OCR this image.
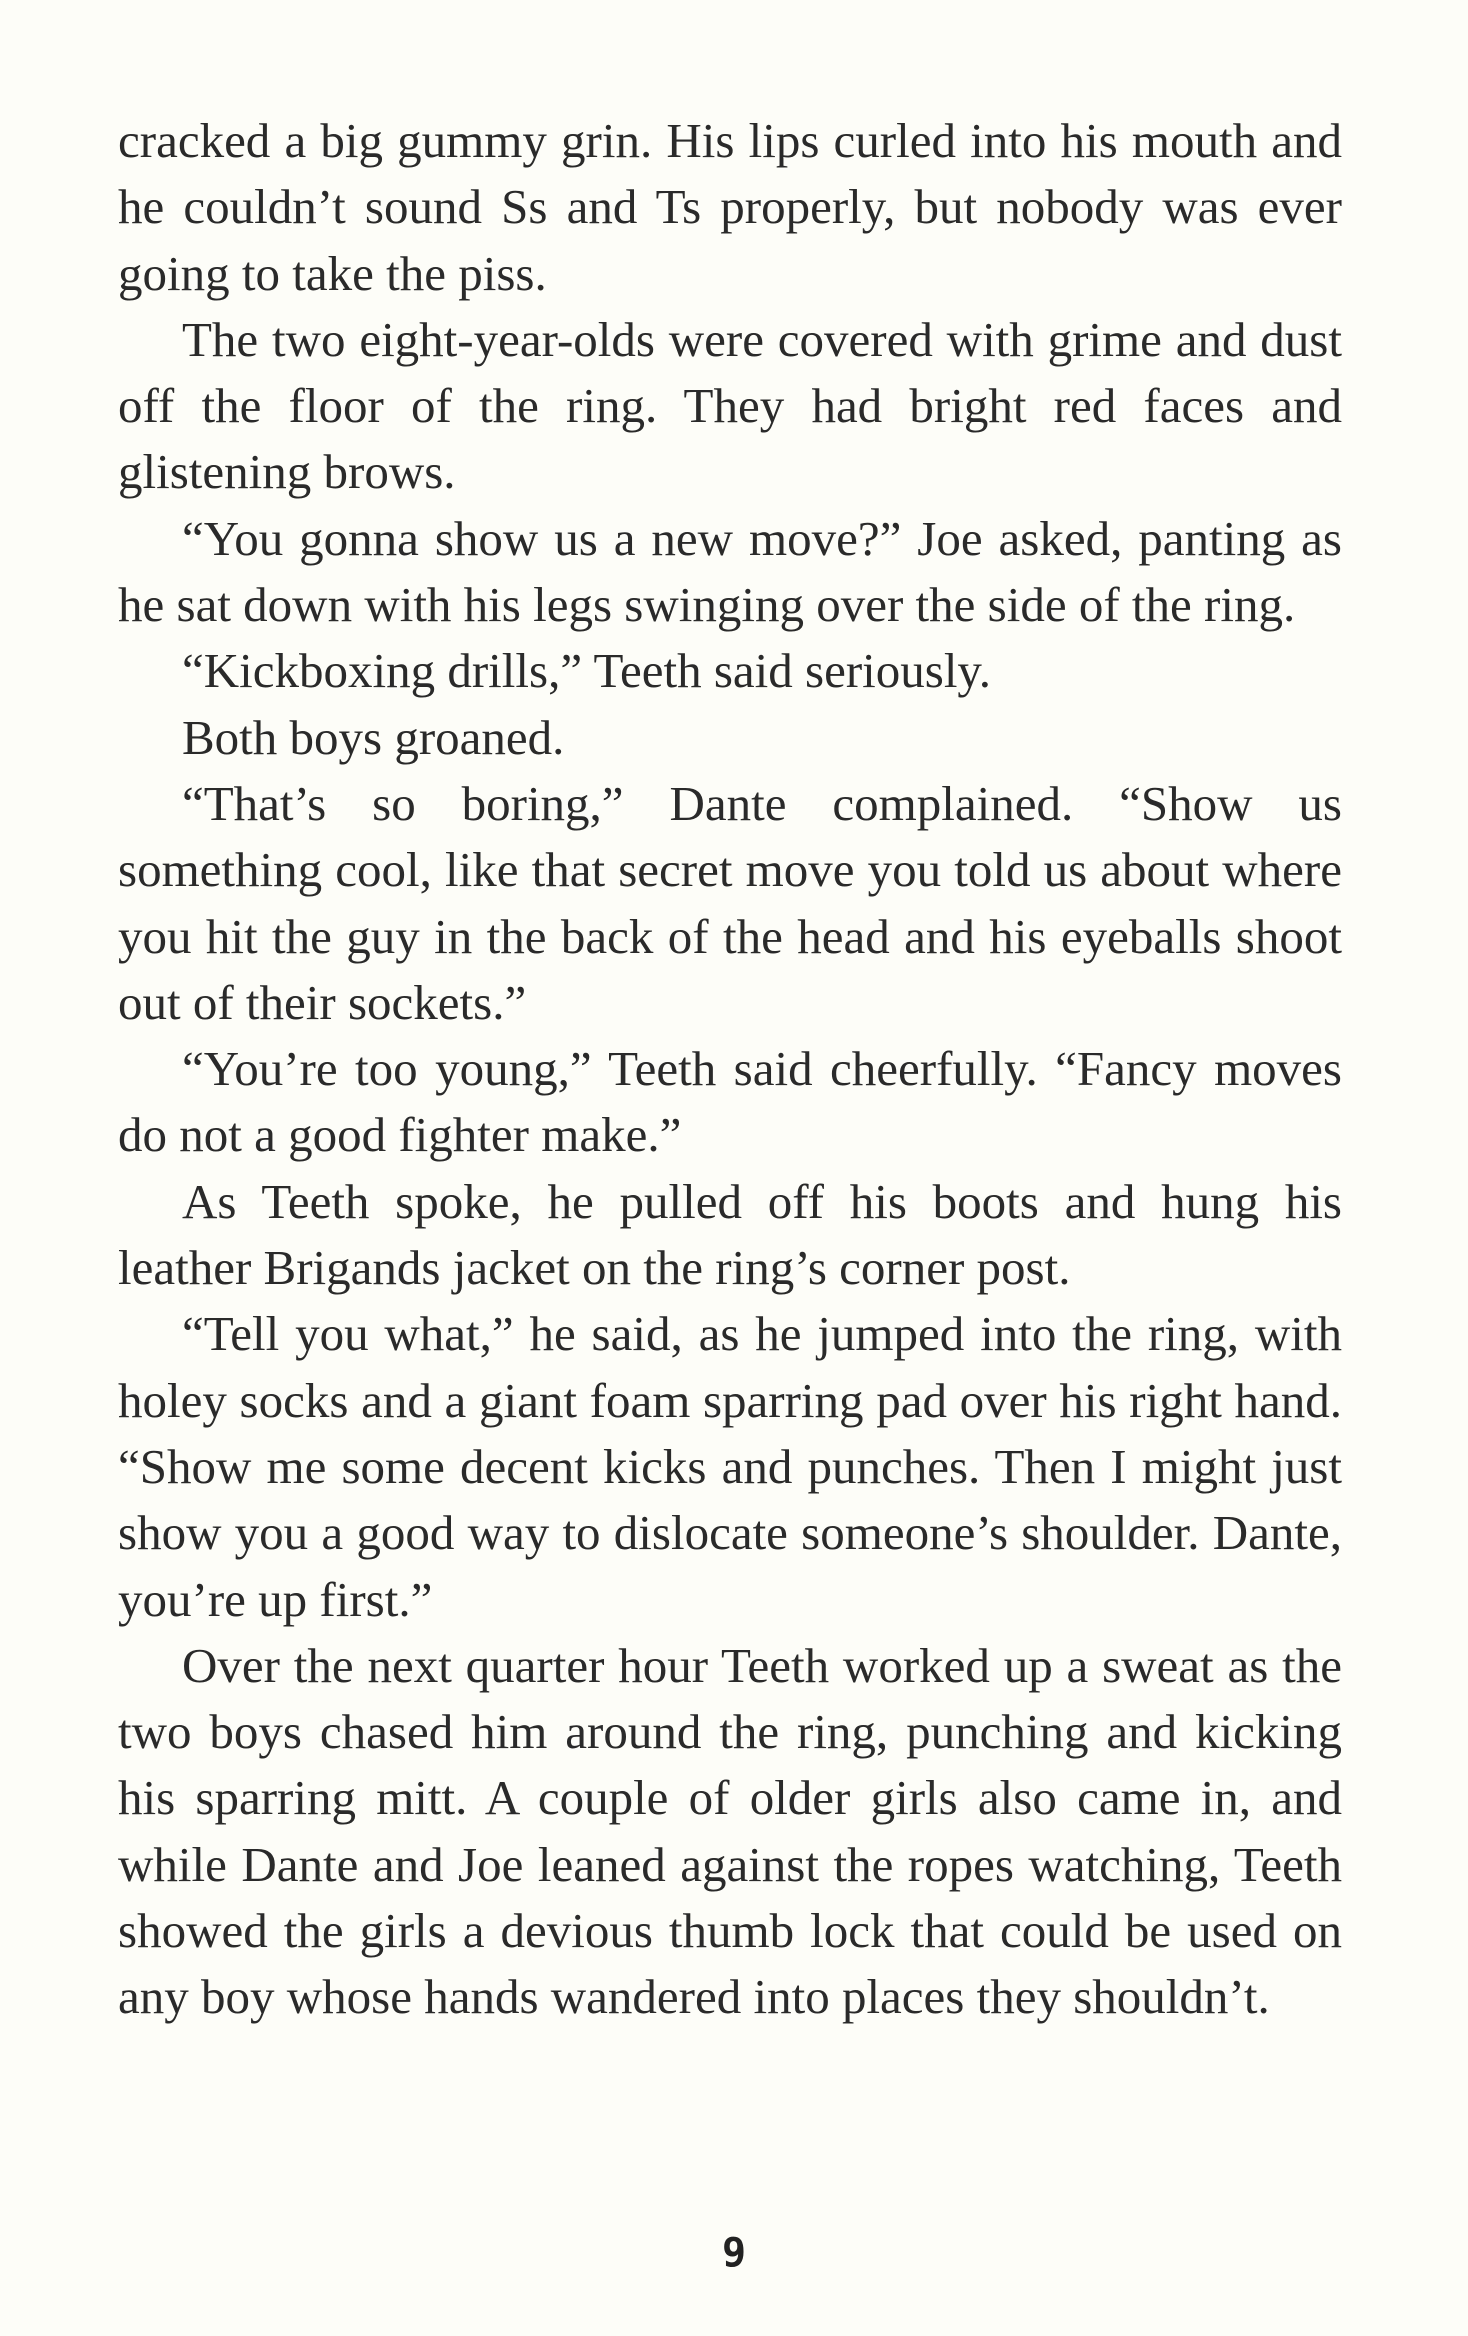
cracked a big gummy grin. His lips curled into his mouth and he couldn’t sound Ss and Ts properly, but nobody was ever going to take the piss.

The two eight-year-olds were covered with grime and dust off the floor of the ring. They had bright red faces and glistening brows.

“You gonna show us a new move?” Joe asked, panting as he sat down with his legs swinging over the side of the ring.

“Kickboxing drills,” Teeth said seriously.

Both boys groaned.

“That’s so boring,” Dante complained. “Show us something cool, like that secret move you told us about where you hit the guy in the back of the head and his eyeballs shoot out of their sockets.”

“You’re too young,” Teeth said cheerfully. “Fancy moves do not a good fighter make.”

As Teeth spoke, he pulled off his boots and hung his leather Brigands jacket on the ring’s corner post.

“Tell you what,” he said, as he jumped into the ring, with holey socks and a giant foam sparring pad over his right hand. “Show me some decent kicks and punches. Then I might just show you a good way to dislocate someone’s shoulder. Dante, you’re up first.”

Over the next quarter hour Teeth worked up a sweat as the two boys chased him around the ring, punching and kicking his sparring mitt. A couple of older girls also came in, and while Dante and Joe leaned against the ropes watching, Teeth showed the girls a devious thumb lock that could be used on any boy whose hands wandered into places they shouldn’t.

9
